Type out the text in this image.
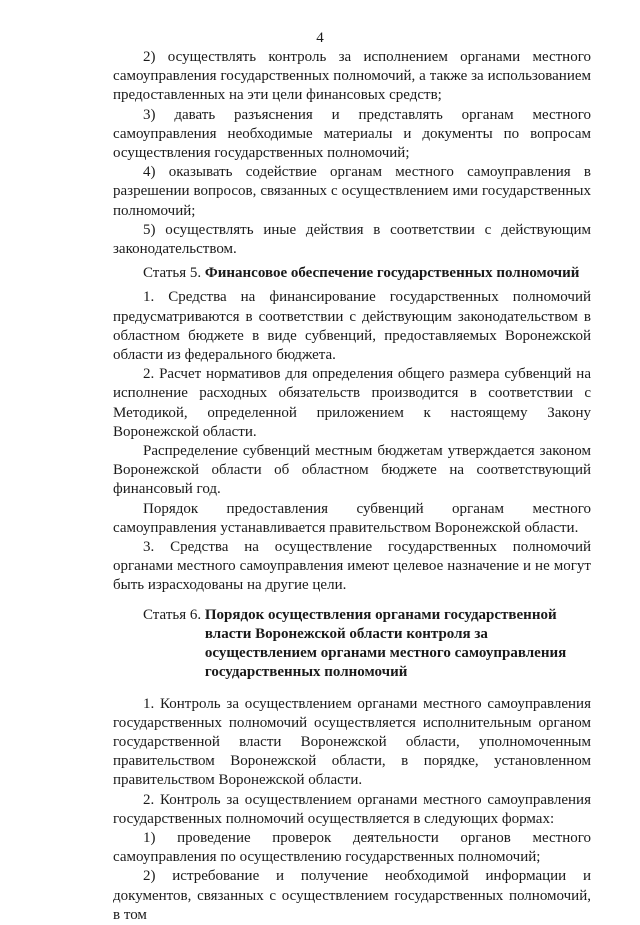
4

2) осуществлять контроль за исполнением органами местного самоуправления государственных полномочий, а также за использованием предоставленных на эти цели финансовых средств;

3) давать разъяснения и представлять органам местного самоуправления необходимые материалы и документы по вопросам осуществления государственных полномочий;

4) оказывать содействие органам местного самоуправления в разрешении вопросов, связанных с осуществлением ими государственных полномочий;

5) осуществлять иные действия в соответствии с действующим законодательством.

Статья 5. Финансовое обеспечение государственных полномочий

1. Средства на финансирование государственных полномочий предусматриваются в соответствии с действующим законодательством в областном бюджете в виде субвенций, предоставляемых Воронежской области из федерального бюджета.

2. Расчет нормативов для определения общего размера субвенций на исполнение расходных обязательств производится в соответствии с Методикой, определенной приложением к настоящему Закону Воронежской области.

Распределение субвенций местным бюджетам утверждается законом Воронежской области об областном бюджете на соответствующий финансовый год.

Порядок предоставления субвенций органам местного самоуправления устанавливается правительством Воронежской области.

3. Средства на осуществление государственных полномочий органами местного самоуправления имеют целевое назначение и не могут быть израсходованы на другие цели.

Статья 6. Порядок осуществления органами государственной власти Воронежской области контроля за осуществлением органами местного самоуправления государственных полномочий

1. Контроль за осуществлением органами местного самоуправления государственных полномочий осуществляется исполнительным органом государственной власти Воронежской области, уполномоченным правительством Воронежской области, в порядке, установленном правительством Воронежской области.

2. Контроль за осуществлением органами местного самоуправления государственных полномочий осуществляется в следующих формах:

1) проведение проверок деятельности органов местного самоуправления по осуществлению государственных полномочий;

2) истребование и получение необходимой информации и документов, связанных с осуществлением государственных полномочий, в том
